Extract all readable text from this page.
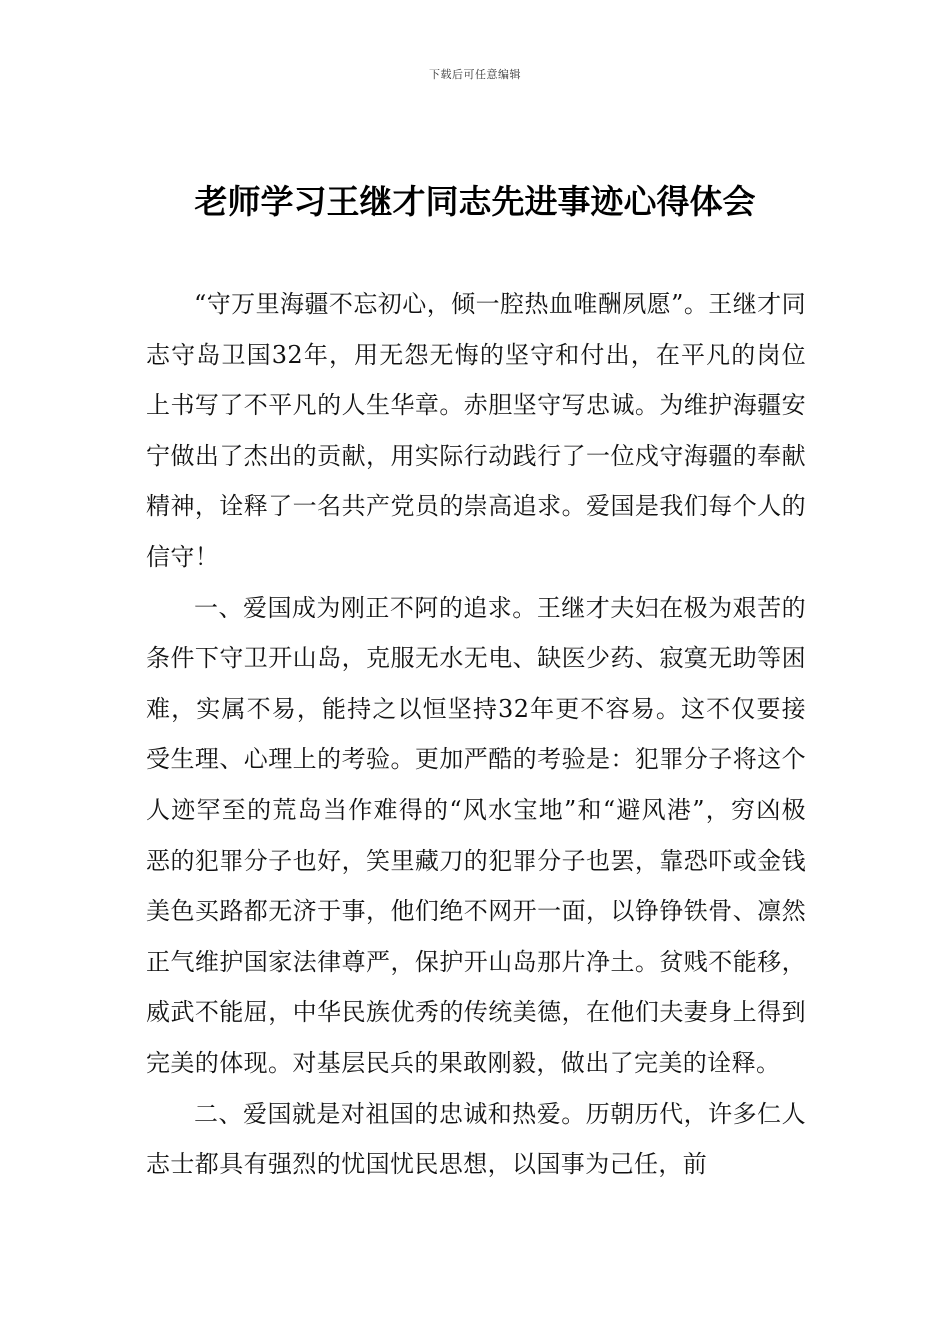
下载后可任意编辑
老师学习王继才同志先进事迹心得体会

“守万里海疆不忘初心，倾一腔热血唯酬夙愿”。王继才同志守岛卫国32年，用无怨无悔的坚守和付出，在平凡的岗位上书写了不平凡的人生华章。赤胆坚守写忠诚。为维护海疆安宁做出了杰出的贡献，用实际行动践行了一位戍守海疆的奉献精神，诠释了一名共产党员的崇高追求。爱国是我们每个人的信守！

一、爱国成为刚正不阿的追求。王继才夫妇在极为艰苦的条件下守卫开山岛，克服无水无电、缺医少药、寂寞无助等困难，实属不易，能持之以恒坚持32年更不容易。这不仅要接受生理、心理上的考验。更加严酷的考验是：犯罪分子将这个人迹罕至的荒岛当作难得的“风水宝地”和“避风港”，穷凶极恶的犯罪分子也好，笑里藏刀的犯罪分子也罢，靠恐吓或金钱美色买路都无济于事，他们绝不网开一面，以铮铮铁骨、凛然正气维护国家法律尊严，保护开山岛那片净土。贫贱不能移，威武不能屈，中华民族优秀的传统美德，在他们夫妻身上得到完美的体现。对基层民兵的果敢刚毅，做出了完美的诠释。

二、爱国就是对祖国的忠诚和热爱。历朝历代，许多仁人志士都具有强烈的忧国忧民思想，以国事为己任，前
